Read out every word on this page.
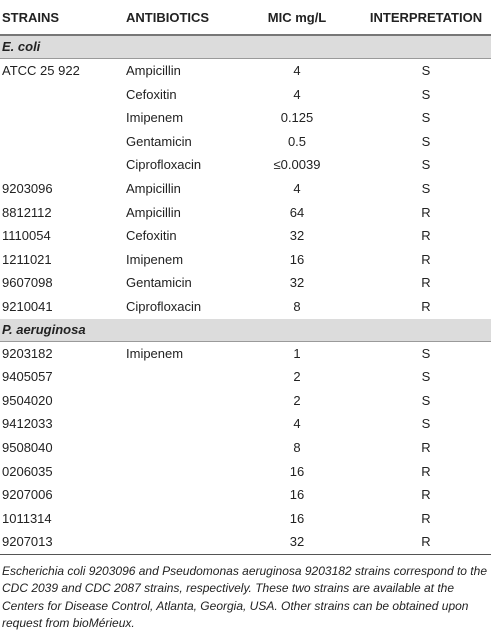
STRAINS	ANTIBIOTICS	MIC mg/L	INTERPRETATION
E. coli			
ATCC 25 922	Ampicillin	4	S
	Cefoxitin	4	S
	Imipenem	0.125	S
	Gentamicin	0.5	S
	Ciprofloxacin	≤0.0039	S
9203096	Ampicillin	4	S
8812112	Ampicillin	64	R
1110054	Cefoxitin	32	R
1211021	Imipenem	16	R
9607098	Gentamicin	32	R
9210041	Ciprofloxacin	8	R
P. aeruginosa			
9203182	Imipenem	1	S
9405057		2	S
9504020		2	S
9412033		4	S
9508040		8	R
0206035		16	R
9207006		16	R
1011314		16	R
9207013		32	R
Escherichia coli 9203096 and Pseudomonas aeruginosa 9203182 strains correspond to the CDC 2039 and CDC 2087 strains, respectively. These two strains are available at the Centers for Disease Control, Atlanta, Georgia, USA. Other strains can be obtained upon request from bioMérieux.
